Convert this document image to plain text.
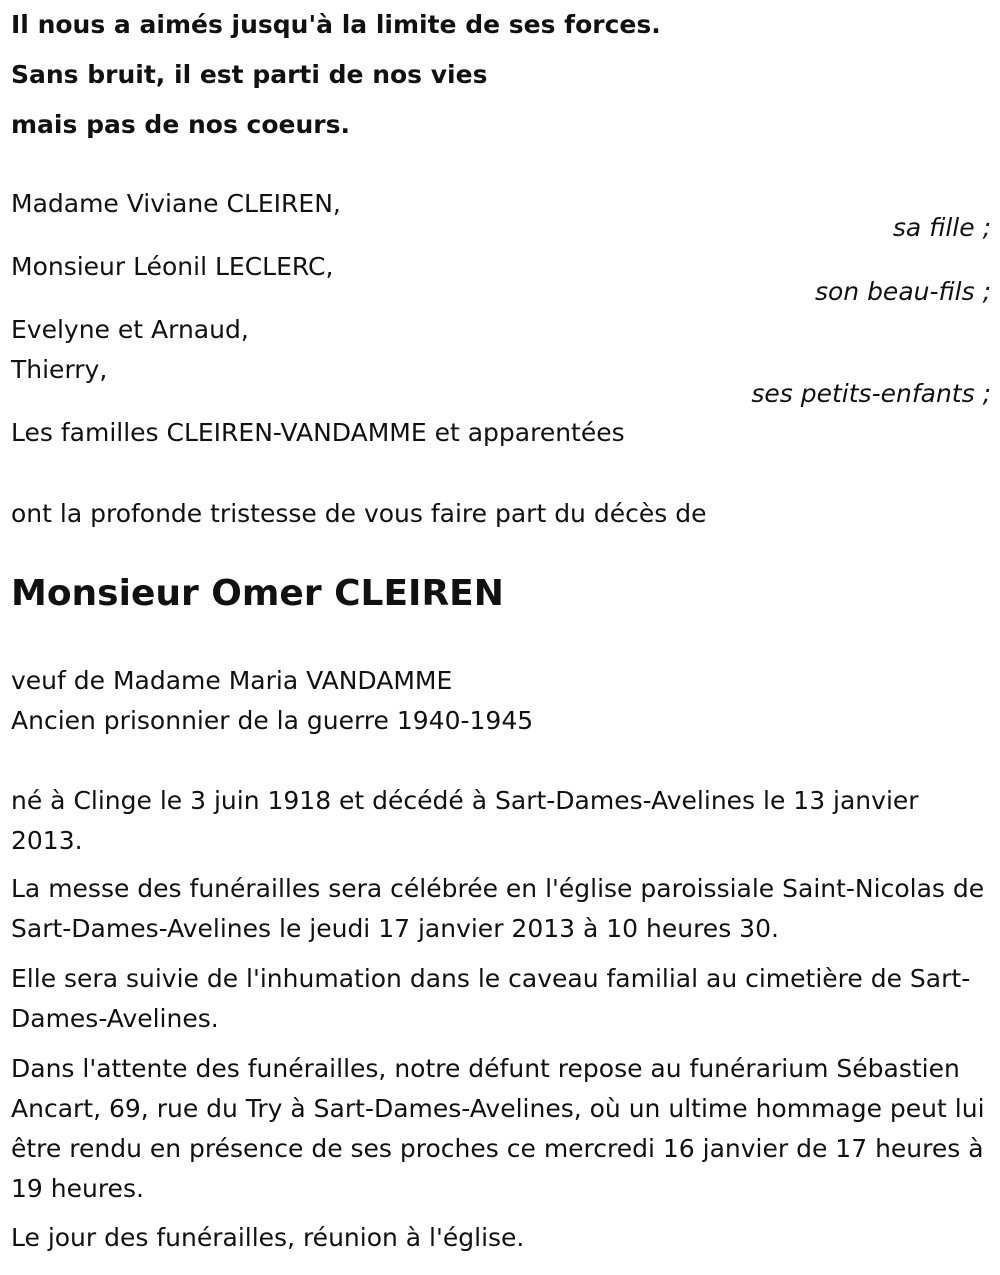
Il nous a aimés jusqu'à la limite de ses forces.
Sans bruit, il est parti de nos vies
mais pas de nos coeurs.
Madame Viviane CLEIREN,
sa fille ;
Monsieur Léonil LECLERC,
son beau-fils ;
Evelyne et Arnaud,
Thierry,
ses petits-enfants ;
Les familles CLEIREN-VANDAMME et apparentées
ont la profonde tristesse de vous faire part du décès de
Monsieur Omer CLEIREN
veuf de Madame Maria VANDAMME
Ancien prisonnier de la guerre 1940-1945
né à Clinge le 3 juin 1918 et décédé à Sart-Dames-Avelines le 13 janvier 2013.
La messe des funérailles sera célébrée en l'église paroissiale Saint-Nicolas de Sart-Dames-Avelines le jeudi 17 janvier 2013 à 10 heures 30.
Elle sera suivie de l'inhumation dans le caveau familial au cimetière de Sart-Dames-Avelines.
Dans l'attente des funérailles, notre défunt repose au funérarium Sébastien Ancart, 69, rue du Try à Sart-Dames-Avelines, où un ultime hommage peut lui être rendu en présence de ses proches ce mercredi 16 janvier de 17 heures à 19 heures.
Le jour des funérailles, réunion à l'église.
